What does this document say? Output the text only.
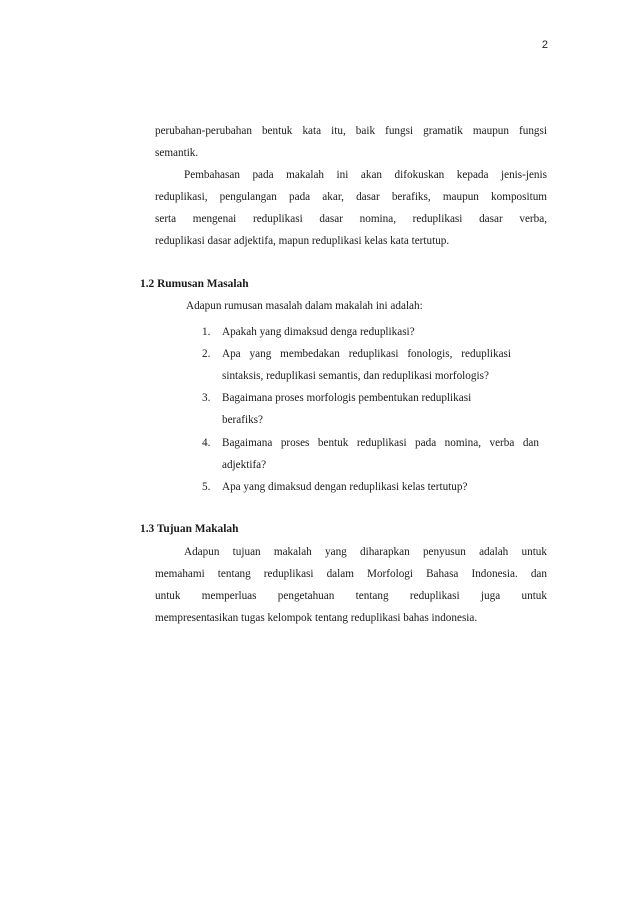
2
perubahan-perubahan bentuk kata itu, baik fungsi gramatik maupun fungsi
semantik.
Pembahasan pada makalah ini akan difokuskan kepada jenis-jenis
reduplikasi, pengulangan pada akar, dasar berafiks, maupun kompositum
serta mengenai reduplikasi dasar nomina, reduplikasi dasar verba,
reduplikasi dasar adjektifa, mapun reduplikasi kelas kata tertutup.
1.2 Rumusan Masalah
Adapun rumusan masalah dalam makalah ini adalah:
1. Apakah yang dimaksud denga reduplikasi?
2. Apa yang membedakan reduplikasi fonologis, reduplikasi
sintaksis, reduplikasi semantis, dan reduplikasi morfologis?
3. Bagaimana proses morfologis pembentukan reduplikasi
berafiks?
4. Bagaimana proses bentuk reduplikasi pada nomina, verba dan
adjektifa?
5. Apa yang dimaksud dengan reduplikasi kelas tertutup?
1.3 Tujuan Makalah
Adapun tujuan makalah yang diharapkan penyusun adalah untuk
memahami tentang reduplikasi dalam Morfologi Bahasa Indonesia. dan
untuk memperluas pengetahuan tentang reduplikasi juga untuk
mempresentasikan tugas kelompok tentang reduplikasi bahas indonesia.
